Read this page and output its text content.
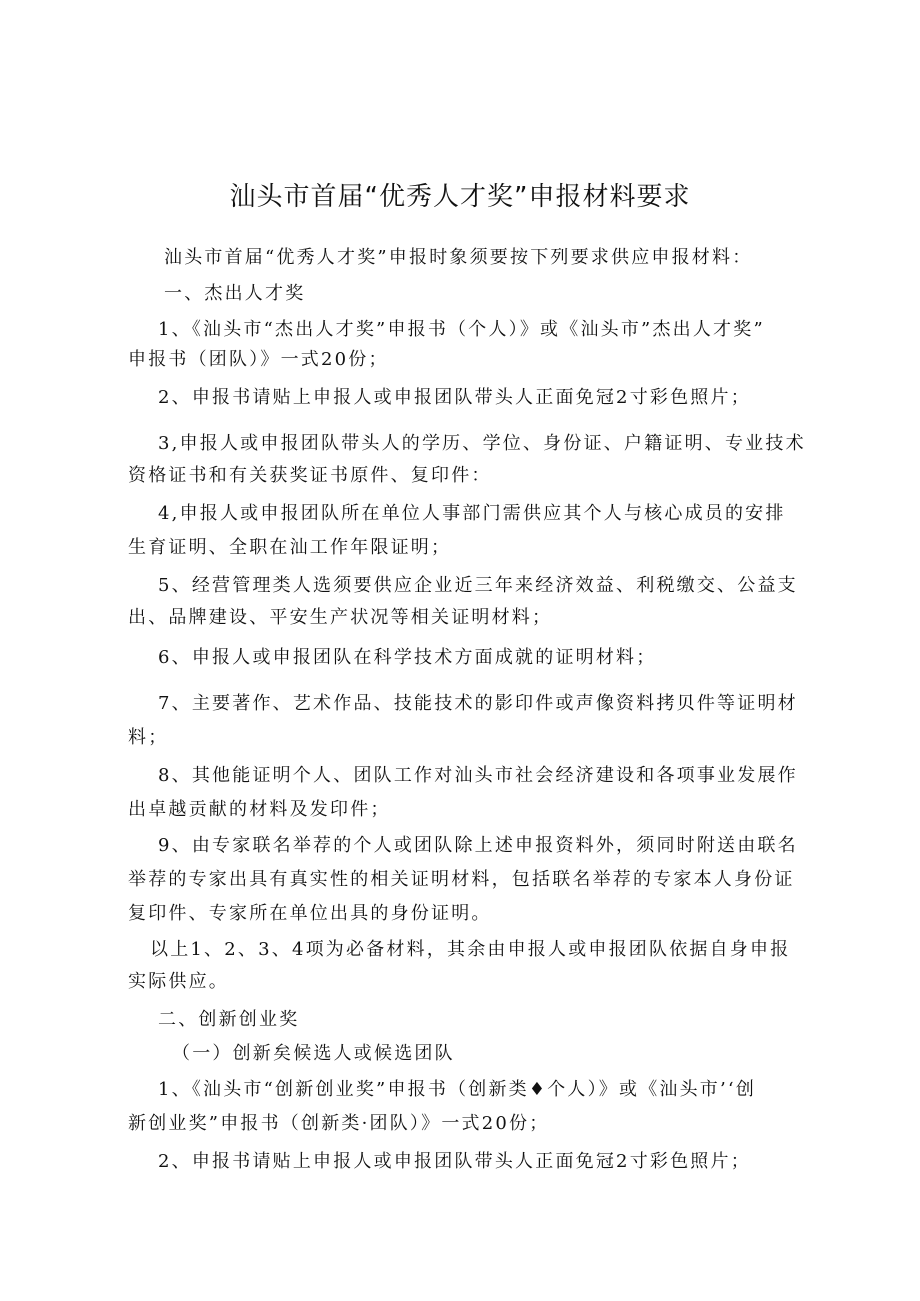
汕头市首届“优秀人才奖”申报材料要求
汕头市首届“优秀人才奖”申报时象须要按下列要求供应申报材料：
一、杰出人才奖
1、《汕头市“杰出人才奖”申报书（个人）》或《汕头市”杰出人才奖”
申报书（团队）》一式20份；
2、申报书请贴上申报人或申报团队带头人正面免冠2寸彩色照片；
3,申报人或申报团队带头人的学历、学位、身份证、户籍证明、专业技术
资格证书和有关获奖证书原件、复印件：
4,申报人或申报团队所在单位人事部门需供应其个人与核心成员的安排
生育证明、全职在汕工作年限证明；
5、经营管理类人选须要供应企业近三年来经济效益、利税缴交、公益支
出、品牌建设、平安生产状况等相关证明材料；
6、申报人或申报团队在科学技术方面成就的证明材料；
7、主要著作、艺术作品、技能技术的影印件或声像资料拷贝件等证明材
料；
8、其他能证明个人、团队工作对汕头市社会经济建设和各项事业发展作
出卓越贡献的材料及发印件；
9、由专家联名举荐的个人或团队除上述申报资料外，须同时附送由联名
举荐的专家出具有真实性的相关证明材料，包括联名举荐的专家本人身份证
复印件、专家所在单位出具的身份证明。
以上1、2、3、4项为必备材料，其余由申报人或申报团队依据自身申报
实际供应。
二、创新创业奖
（一）创新矣候选人或候选团队
1、《汕头市“创新创业奖”申报书（创新类♦个人）》或《汕头市’‘创
新创业奖”申报书（创新类·团队）》一式20份；
2、申报书请贴上申报人或申报团队带头人正面免冠2寸彩色照片；
